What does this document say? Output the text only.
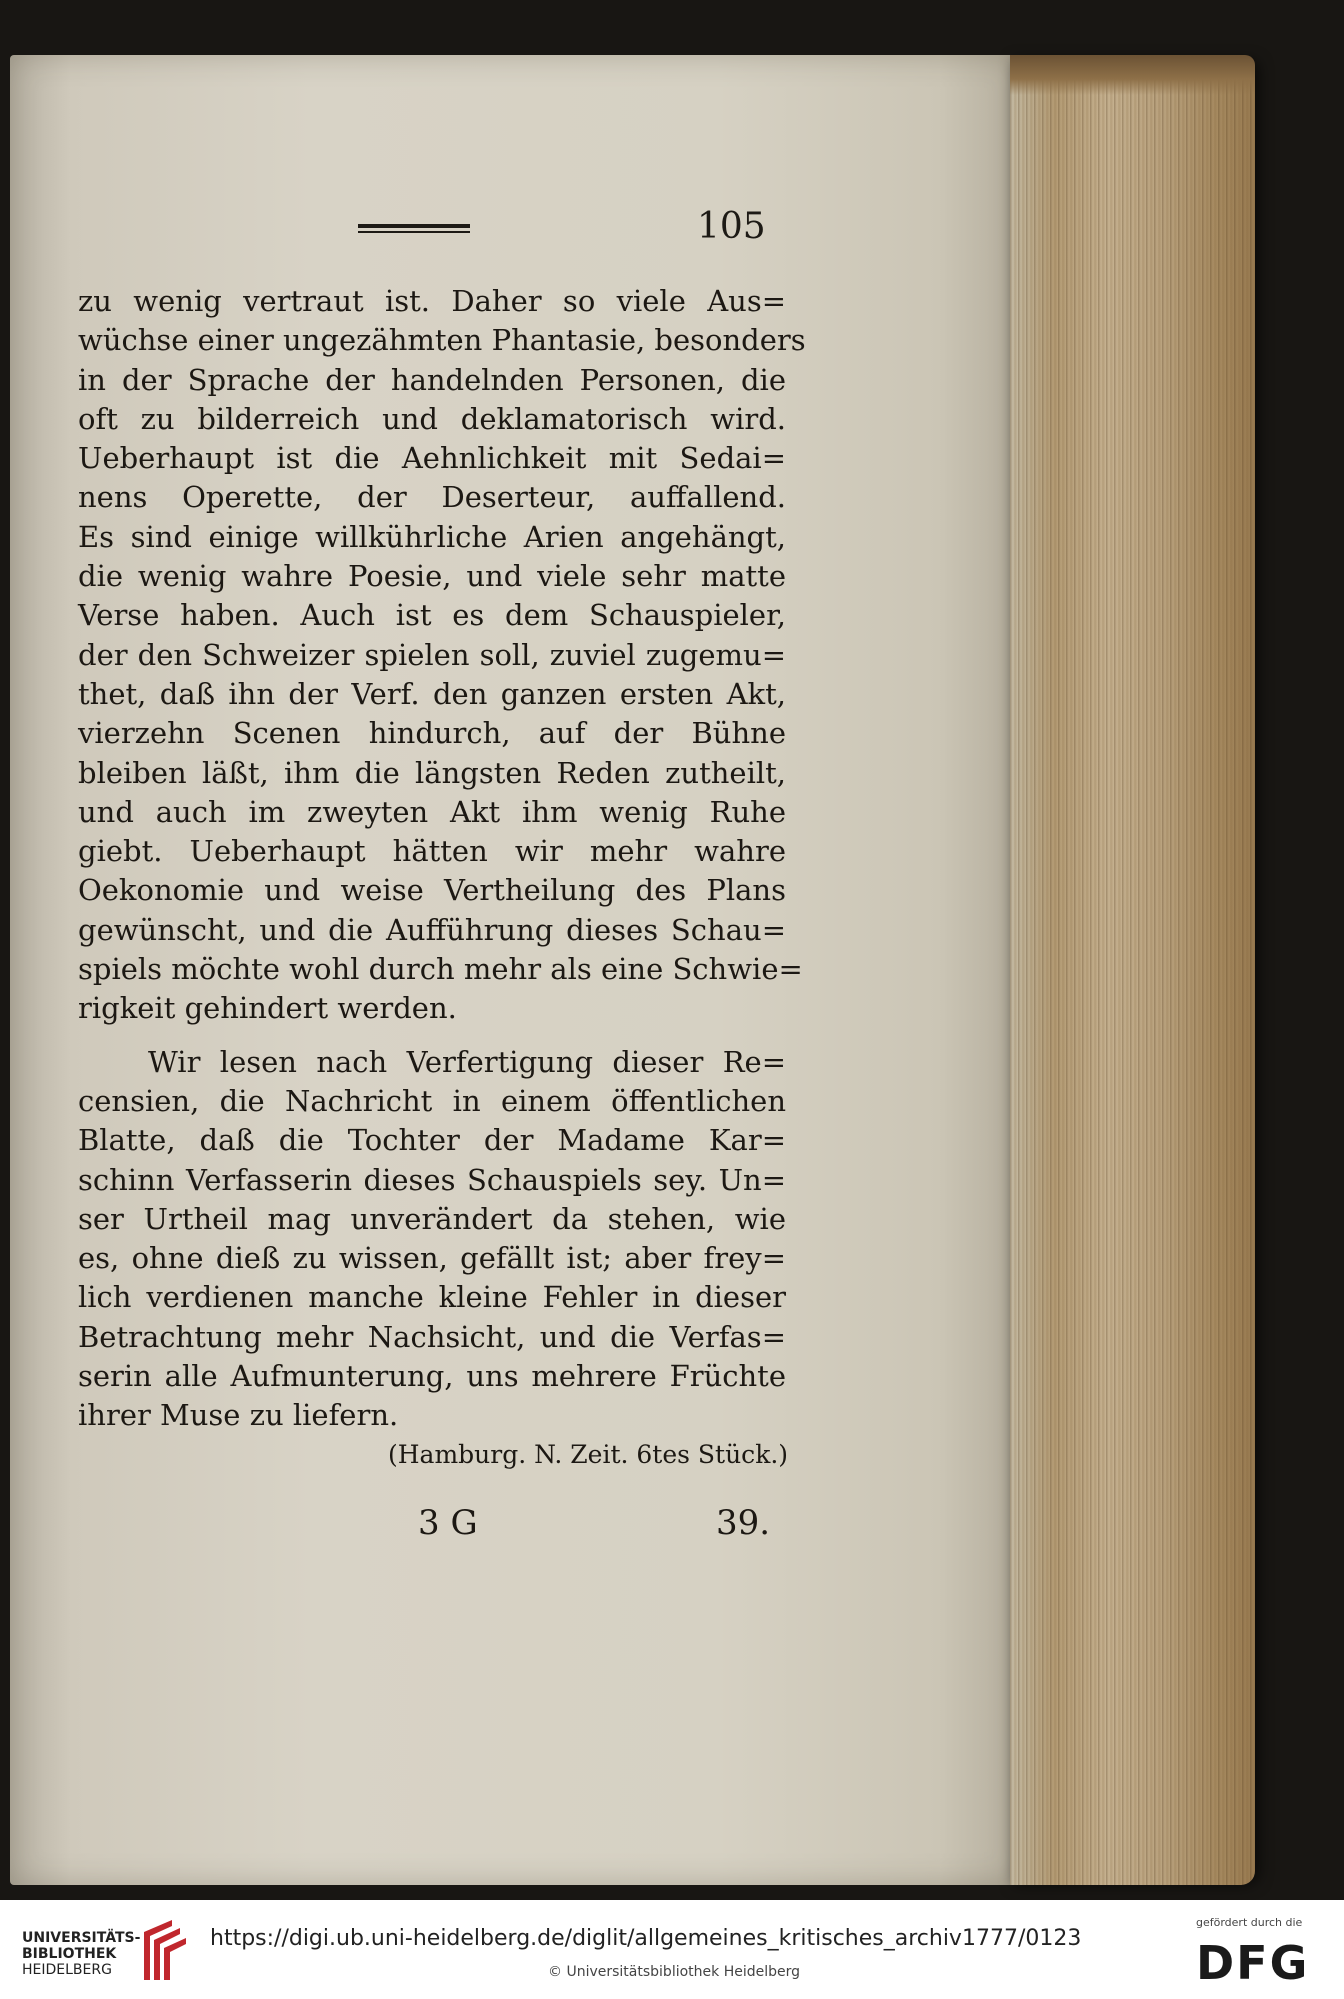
105
zu wenig vertraut ist. Daher so viele Aus=
wüchse einer ungezähmten Phantasie, besonders
in der Sprache der handelnden Personen, die
oft zu bilderreich und deklamatorisch wird.
Ueberhaupt ist die Aehnlichkeit mit Sedai=
nens Operette, der Deserteur, auffallend.
Es sind einige willkührliche Arien angehängt,
die wenig wahre Poesie, und viele sehr matte
Verse haben. Auch ist es dem Schauspieler,
der den Schweizer spielen soll, zuviel zugemu=
thet, daß ihn der Verf. den ganzen ersten Akt,
vierzehn Scenen hindurch, auf der Bühne
bleiben läßt, ihm die längsten Reden zutheilt,
und auch im zweyten Akt ihm wenig Ruhe
giebt. Ueberhaupt hätten wir mehr wahre
Oekonomie und weise Vertheilung des Plans
gewünscht, und die Aufführung dieses Schau=
spiels möchte wohl durch mehr als eine Schwie=
rigkeit gehindert werden.
Wir lesen nach Verfertigung dieser Re=
censien, die Nachricht in einem öffentlichen
Blatte, daß die Tochter der Madame Kar=
schinn Verfasserin dieses Schauspiels sey. Un=
ser Urtheil mag unverändert da stehen, wie
es, ohne dieß zu wissen, gefällt ist; aber frey=
lich verdienen manche kleine Fehler in dieser
Betrachtung mehr Nachsicht, und die Verfas=
serin alle Aufmunterung, uns mehrere Früchte
ihrer Muse zu liefern.
(Hamburg. N. Zeit. 6tes Stück.)
3 G	39.
UNIVERSITÄTS-
BIBLIOTHEK
HEIDELBERG
https://digi.ub.uni-heidelberg.de/diglit/allgemeines_kritisches_archiv1777/0123
© Universitätsbibliothek Heidelberg
gefördert durch die
DFG
